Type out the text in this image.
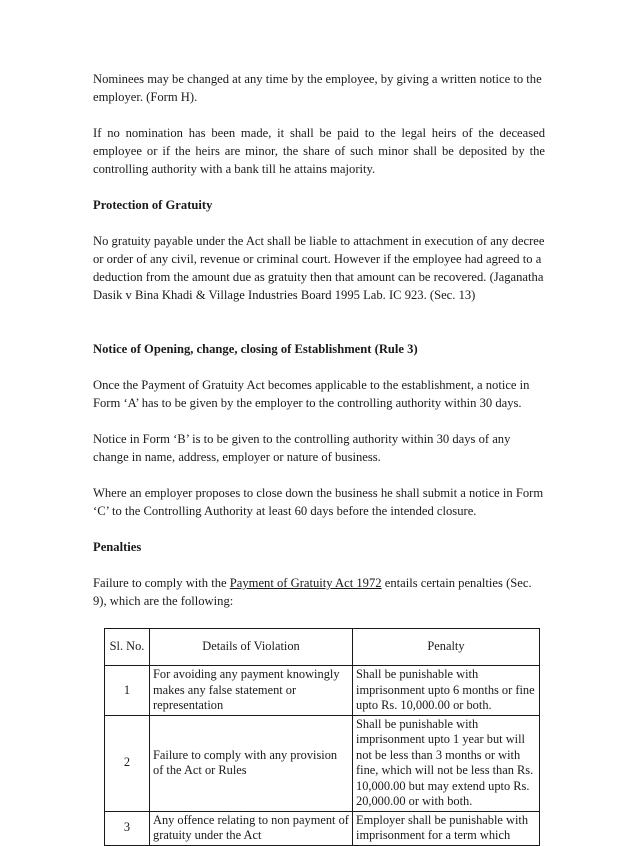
Nominees may be changed at any time by the employee, by giving a written notice to the employer. (Form H).

If no nomination has been made, it shall be paid to the legal heirs of the deceased employee or if the heirs are minor, the share of such minor shall be deposited by the controlling authority with a bank till he attains majority.

Protection of Gratuity

No gratuity payable under the Act shall be liable to attachment in execution of any decree or order of any civil, revenue or criminal court. However if the employee had agreed to a deduction from the amount due as gratuity then that amount can be recovered. (Jaganatha Dasik v Bina Khadi & Village Industries Board 1995 Lab. IC 923. (Sec. 13)

Notice of Opening, change, closing of Establishment (Rule 3)

Once the Payment of Gratuity Act becomes applicable to the establishment, a notice in Form ‘A’ has to be given by the employer to the controlling authority within 30 days.

Notice in Form ‘B’ is to be given to the controlling authority within 30 days of any change in name, address, employer or nature of business.

Where an employer proposes to close down the business he shall submit a notice in Form ‘C’ to the Controlling Authority at least 60 days before the intended closure.

Penalties

Failure to comply with the Payment of Gratuity Act 1972 entails certain penalties (Sec. 9), which are the following:

Sl. No.	Details of Violation	Penalty
1	For avoiding any payment knowingly makes any false statement or representation	Shall be punishable with imprisonment upto 6 months or fine upto Rs. 10,000.00 or both.
2	Failure to comply with any provision of the Act or Rules	Shall be punishable with imprisonment upto 1 year but will not be less than 3 months or with fine, which will not be less than Rs. 10,000.00 but may extend upto Rs. 20,000.00 or with both.
3	Any offence relating to non payment of gratuity under the Act	Employer shall be punishable with imprisonment for a term which
